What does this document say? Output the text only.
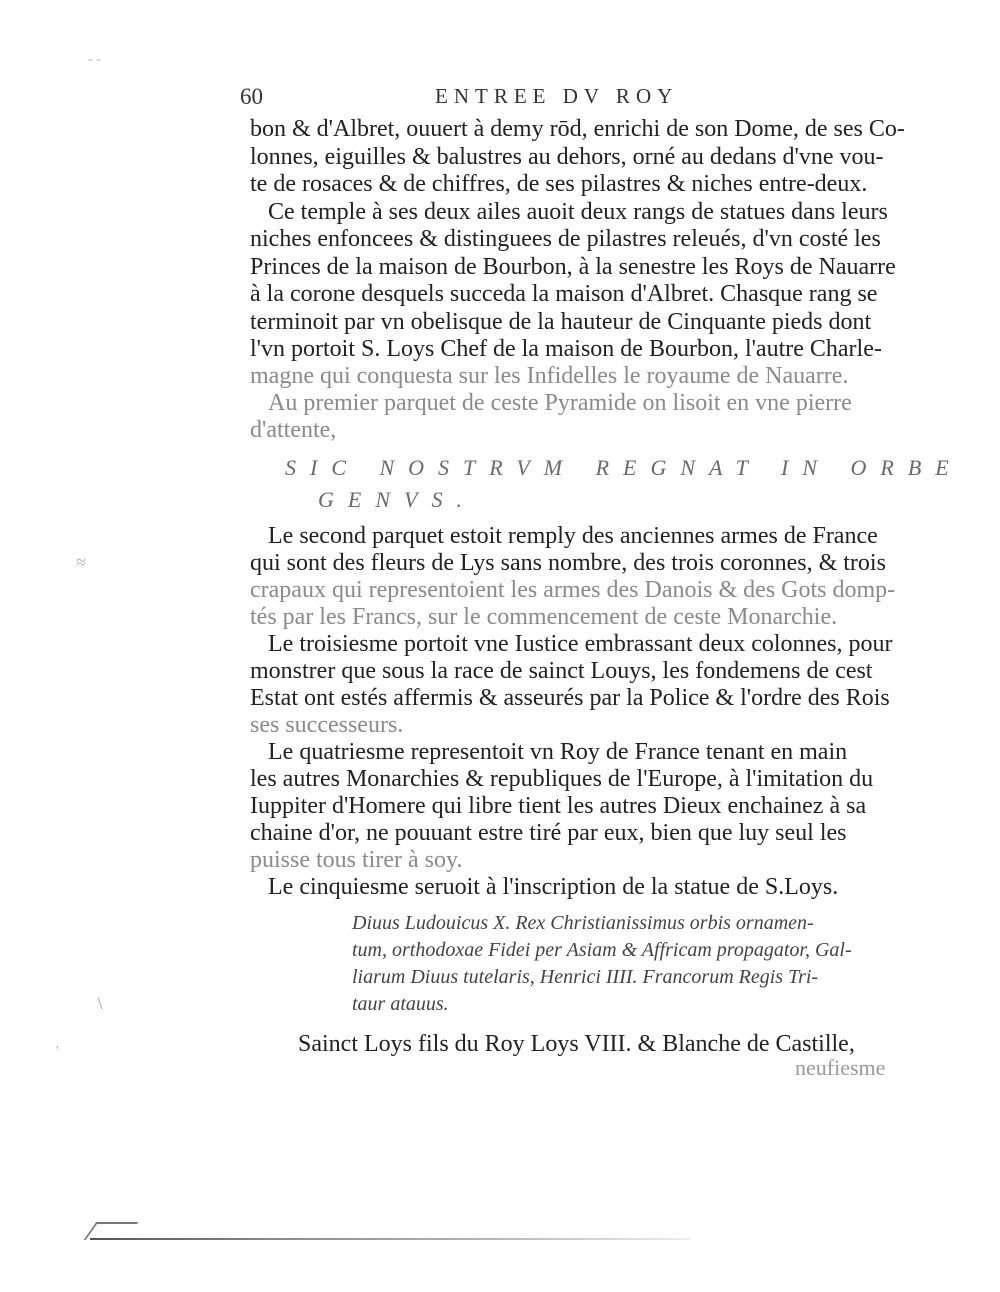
60	ENTREE DV ROY
bon & d'Albret, ouuert à demy rōd, enrichi de son Dome, de ses Co-
lonnes, eiguilles & balustres au dehors, orné au dedans d'vne vou-
te de rosaces & de chiffres, de ses pilastres & niches entre-deux.
Ce temple à ses deux ailes auoit deux rangs de statues dans leurs
niches enfoncees & distinguees de pilastres releués, d'vn costé les
Princes de la maison de Bourbon, à la senestre les Roys de Nauarre
à la corone desquels succeda la maison d'Albret. Chasque rang se
terminoit par vn obelisque de la hauteur de Cinquante pieds dont
l'vn portoit S. Loys Chef de la maison de Bourbon, l'autre Charle-
magne qui conquesta sur les Infidelles le royaume de Nauarre.
Au premier parquet de ceste Pyramide on lisoit en vne pierre
d'attente,
SIC NOSTRVM REGNAT IN ORBE
GENVS.
Le second parquet estoit remply des anciennes armes de France
qui sont des fleurs de Lys sans nombre, des trois coronnes, & trois
crapaux qui representoient les armes des Danois & des Gots domp-
tés par les Francs, sur le commencement de ceste Monarchie.
Le troisiesme portoit vne Iustice embrassant deux colonnes, pour
monstrer que sous la race de sainct Louys, les fondemens de cest
Estat ont estés affermis & asseurés par la Police & l'ordre des Rois
ses successeurs.
Le quatriesme representoit vn Roy de France tenant en main
les autres Monarchies & republiques de l'Europe, à l'imitation du
Iuppiter d'Homere qui libre tient les autres Dieux enchainez à sa
chaine d'or, ne pouuant estre tiré par eux, bien que luy seul les
puisse tous tirer à soy.
Le cinquiesme seruoit à l'inscription de la statue de S.Loys.
Diuus Ludouicus X. Rex Christianissimus orbis ornamen-
tum, orthodoxae Fidei per Asiam & Affricam propagator, Gal-
liarum Diuus tutelaris, Henrici IIII. Francorum Regis Tri-
taur atauus.
Sainct Loys fils du Roy Loys VIII. & Blanche de Castille,
neufiesme
- -
≈
∖
'
